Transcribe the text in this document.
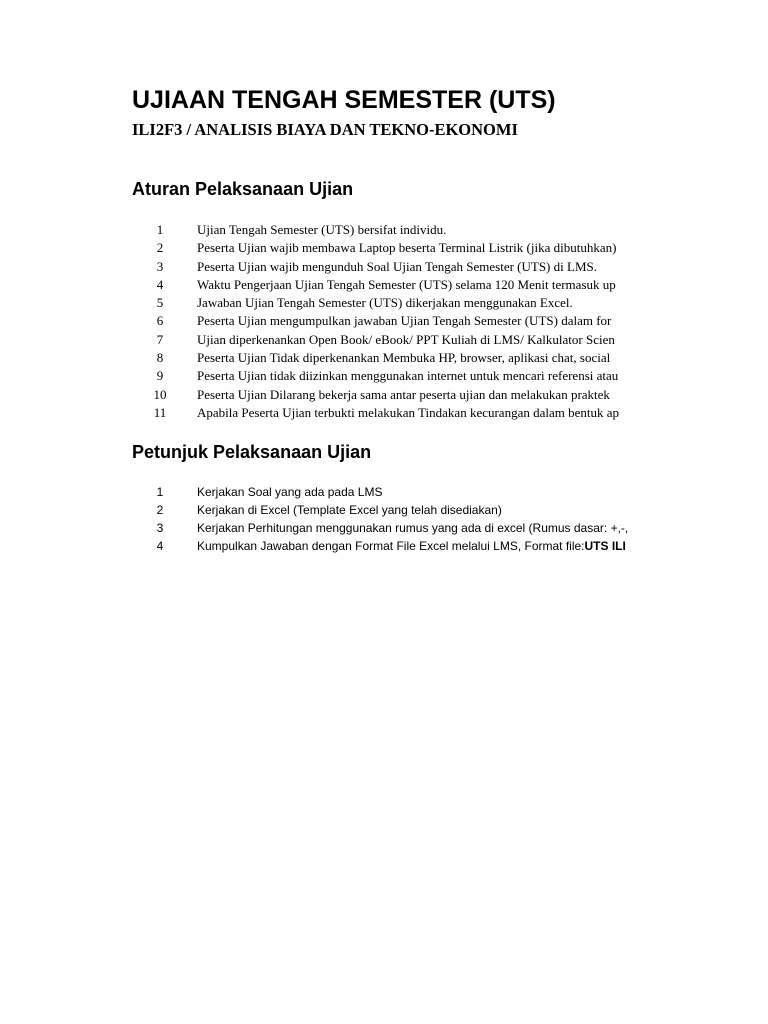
UJIAAN TENGAH SEMESTER (UTS)
ILI2F3 / ANALISIS BIAYA DAN TEKNO-EKONOMI
Aturan Pelaksanaan Ujian
1	Ujian Tengah Semester (UTS) bersifat individu.
2	Peserta Ujian wajib membawa Laptop beserta Terminal Listrik (jika dibutuhkan)
3	Peserta Ujian wajib mengunduh Soal Ujian Tengah Semester (UTS) di LMS.
4	Waktu Pengerjaan Ujian Tengah Semester (UTS) selama 120 Menit termasuk up
5	Jawaban Ujian Tengah Semester (UTS) dikerjakan menggunakan Excel.
6	Peserta Ujian mengumpulkan jawaban Ujian Tengah Semester (UTS) dalam for
7	Ujian diperkenankan Open Book/ eBook/ PPT Kuliah di LMS/ Kalkulator Scien
8	Peserta Ujian Tidak diperkenankan Membuka HP, browser, aplikasi chat, social
9	Peserta Ujian tidak diizinkan menggunakan internet untuk mencari referensi atau
10	Peserta Ujian Dilarang bekerja sama antar peserta ujian dan melakukan praktek
11	Apabila Peserta Ujian terbukti melakukan Tindakan kecurangan dalam bentuk ap
Petunjuk Pelaksanaan Ujian
1	Kerjakan Soal yang ada pada LMS
2	Kerjakan di Excel (Template Excel yang telah disediakan)
3	Kerjakan Perhitungan menggunakan rumus yang ada di excel (Rumus dasar: +,-,
4	Kumpulkan Jawaban dengan Format File Excel melalui LMS, Format file: UTS ILI
